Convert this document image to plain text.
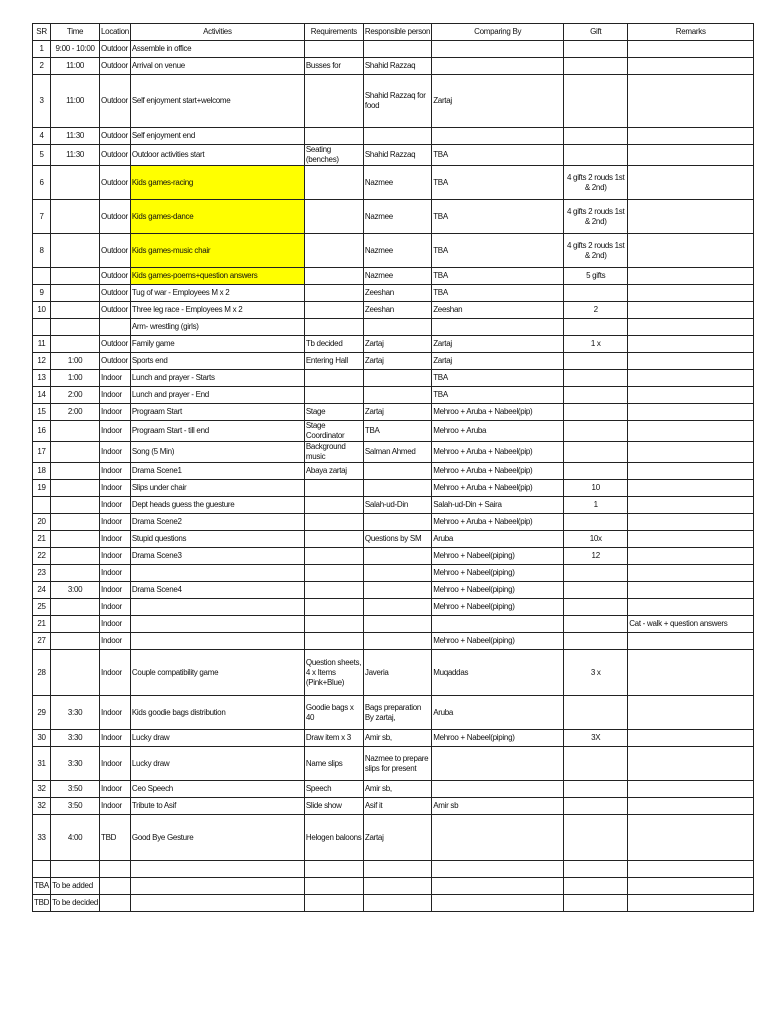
SR	Time	Location	Activities	Requirements	Responsible person	Comparing By	Gift	Remarks
1	9:00 - 10:00	Outdoor	Assemble in office					
2	11:00	Outdoor	Arrival on venue	Busses for	Shahid Razzaq			
3	11:00	Outdoor	Self enjoyment start+welcome		Shahid Razzaq for food	Zartaj		
4	11:30	Outdoor	Self enjoyment end					
5	11:30	Outdoor	Outdoor activities start	Seating (benches)	Shahid Razzaq	TBA		
6		Outdoor	Kids games-racing		Nazmee	TBA	4 gifts 2 rouds 1st & 2nd)	
7		Outdoor	Kids games-dance		Nazmee	TBA	4 gifts 2 rouds 1st & 2nd)	
8		Outdoor	Kids games-music chair		Nazmee	TBA	4 gifts 2 rouds 1st & 2nd)	
		Outdoor	Kids games-poems+question answers		Nazmee	TBA	5 gifts	
9		Outdoor	Tug of war - Employees M x 2		Zeeshan	TBA		
10		Outdoor	Three leg race - Employees M x 2		Zeeshan	Zeeshan	2	
			Arm- wrestling (girls)					
11		Outdoor	Family game	Tb decided	Zartaj	Zartaj	1 x	
12	1:00	Outdoor	Sports end	Entering Hall	Zartaj	Zartaj		
13	1:00	Indoor	Lunch and prayer - Starts			TBA		
14	2:00	Indoor	Lunch and prayer - End			TBA		
15	2:00	Indoor	Prograam Start	Stage	Zartaj	Mehroo + Aruba + Nabeel(pip)		
16		Indoor	Prograam Start - till end	Stage Coordinator	TBA	Mehroo + Aruba		
17		Indoor	Song (5 Min)	Background music	Salman Ahmed	Mehroo + Aruba + Nabeel(pip)		
18		Indoor	Drama Scene1	Abaya zartaj		Mehroo + Aruba + Nabeel(pip)		
19		Indoor	Slips under chair			Mehroo + Aruba + Nabeel(pip)	10	
		Indoor	Dept heads guess the guesture		Salah-ud-Din	Salah-ud-Din + Saira	1	
20		Indoor	Drama Scene2			Mehroo + Aruba + Nabeel(pip)		
21		Indoor	Stupid questions		Questions by SM	Aruba	10x	
22		Indoor	Drama Scene3			Mehroo + Nabeel(piping)	12	
23		Indoor				Mehroo + Nabeel(piping)		
24	3:00	Indoor	Drama Scene4			Mehroo + Nabeel(piping)		
25		Indoor				Mehroo + Nabeel(piping)		
21		Indoor						Cat - walk + question answers
27		Indoor				Mehroo + Nabeel(piping)		
28		Indoor	Couple compatibility game	Question sheets, 4 x Items (Pink+Blue)	Javeria	Muqaddas	3 x	
29	3:30	Indoor	Kids goodie bags distribution	Goodie bags x 40	Bags preparation By zartaj,	Aruba		
30	3:30	Indoor	Lucky draw	Draw item x 3	Amir sb,	Mehroo + Nabeel(piping)	3X	
31	3:30	Indoor	Lucky draw	Name slips	Nazmee to prepare slips for present			
32	3:50	Indoor	Ceo Speech	Speech	Amir sb,			
32	3:50	Indoor	Tribute to Asif	Slide show	Asif it	Amir sb		
33	4:00	TBD	Good Bye Gesture	Helogen baloons	Zartaj			

TBA	To be added							
TBD	To be decided							
